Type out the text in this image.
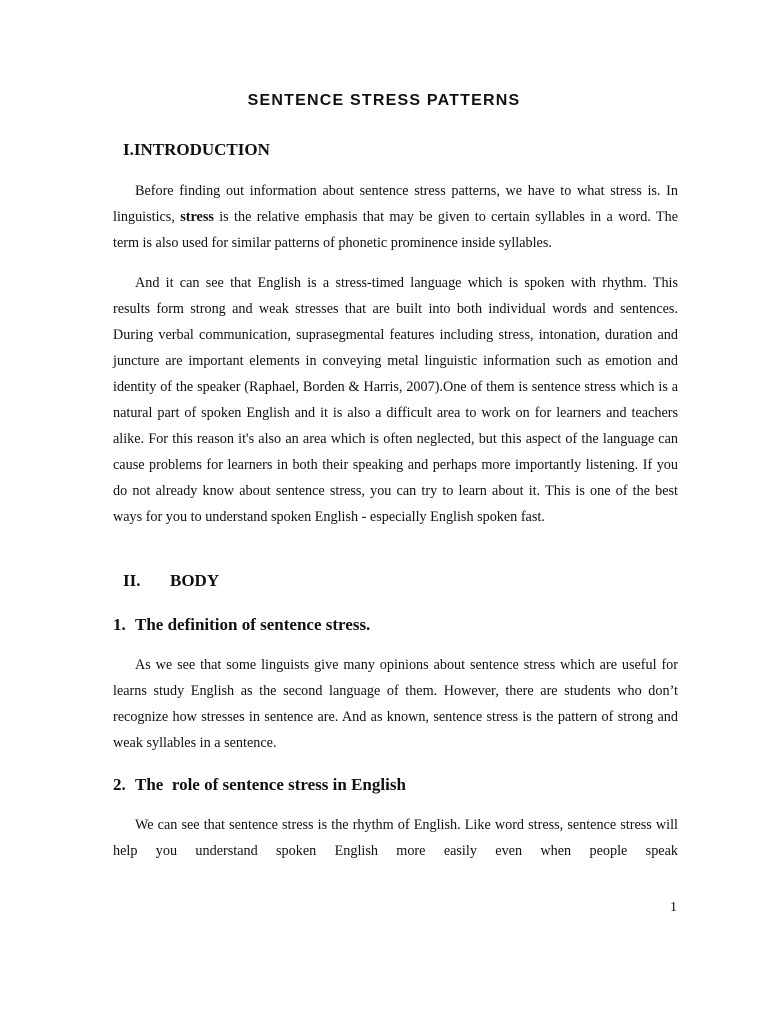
SENTENCE STRESS PATTERNS
I.INTRODUCTION

Before finding out information about sentence stress patterns, we have to what stress is. In linguistics, stress is the relative emphasis that may be given to certain syllables in a word. The term is also used for similar patterns of phonetic prominence inside syllables.

And it can see that English is a stress-timed language which is spoken with rhythm. This results form strong and weak stresses that are built into both individual words and sentences. During verbal communication, suprasegmental features including stress, intonation, duration and juncture are important elements in conveying metal linguistic information such as emotion and identity of the speaker (Raphael, Borden & Harris, 2007).One of them is sentence stress which is a natural part of spoken English and it is also a difficult area to work on for learners and teachers alike. For this reason it's also an area which is often neglected, but this aspect of the language can cause problems for learners in both their speaking and perhaps more importantly listening. If you do not already know about sentence stress, you can try to learn about it. This is one of the best ways for you to understand spoken English - especially English spoken fast.

II. BODY
1. The definition of sentence stress.

As we see that some linguists give many opinions about sentence stress which are useful for learns study English as the second language of them. However, there are students who don’t recognize how stresses in sentence are. And as known, sentence stress is the pattern of strong and weak syllables in a sentence.

2. The  role of sentence stress in English

We can see that sentence stress is the rhythm of English. Like word stress, sentence stress will help you understand spoken English more easily even when people speak

1
